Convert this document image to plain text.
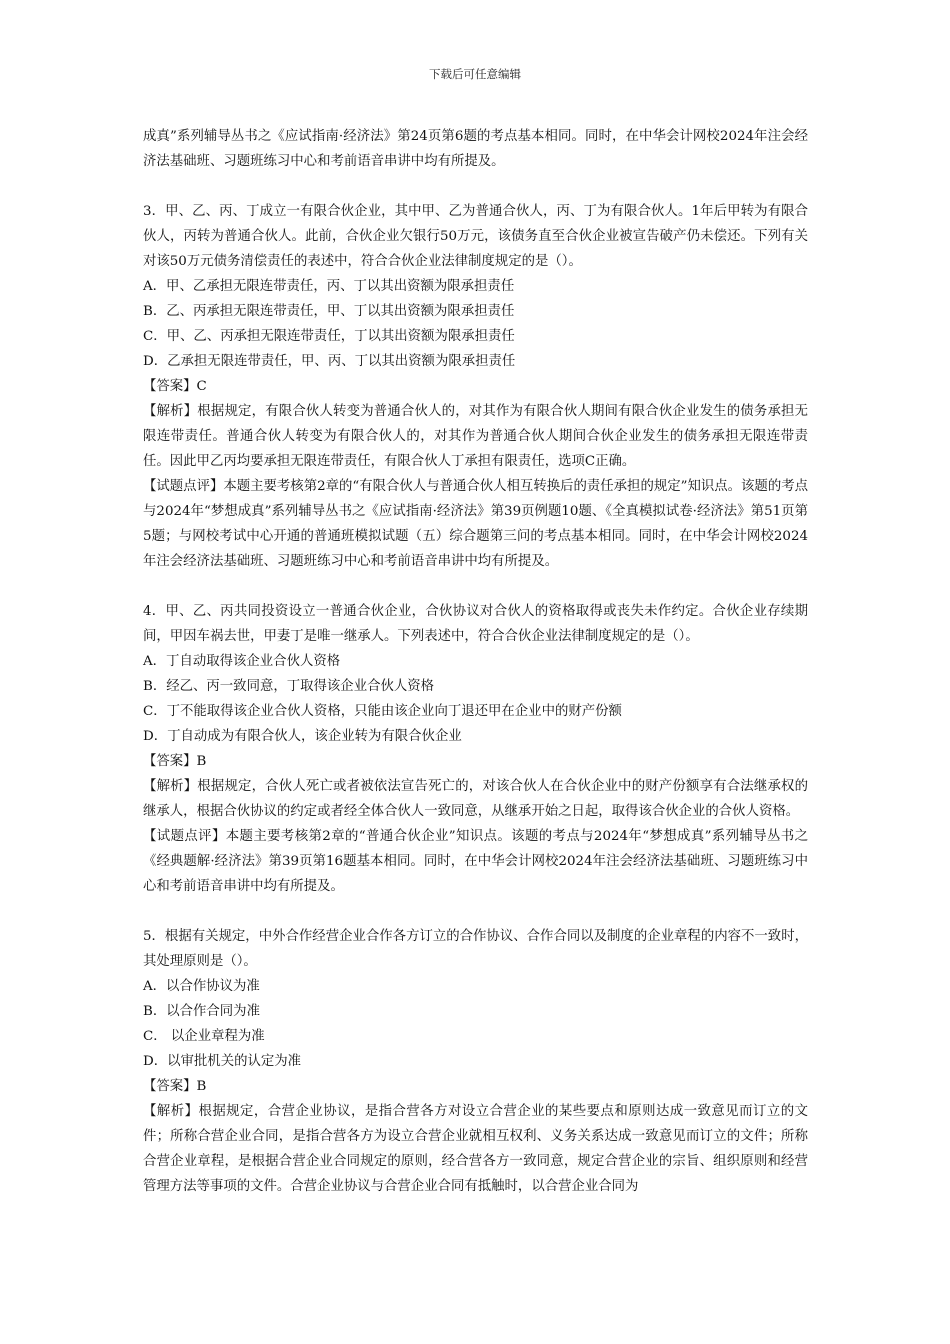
下载后可任意编辑

成真”系列辅导丛书之《应试指南·经济法》第24页第6题的考点基本相同。同时，在中华会计网校2024年注会经济法基础班、习题班练习中心和考前语音串讲中均有所提及。

3．甲、乙、丙、丁成立一有限合伙企业，其中甲、乙为普通合伙人，丙、丁为有限合伙人。1年后甲转为有限合伙人，丙转为普通合伙人。此前，合伙企业欠银行50万元，该债务直至合伙企业被宣告破产仍未偿还。下列有关对该50万元债务清偿责任的表述中，符合合伙企业法律制度规定的是（）。

A．甲、乙承担无限连带责任，丙、丁以其出资额为限承担责任

B．乙、丙承担无限连带责任，甲、丁以其出资额为限承担责任

C．甲、乙、丙承担无限连带责任，丁以其出资额为限承担责任

D．乙承担无限连带责任，甲、丙、丁以其出资额为限承担责任

【答案】C

【解析】根据规定，有限合伙人转变为普通合伙人的，对其作为有限合伙人期间有限合伙企业发生的债务承担无限连带责任。普通合伙人转变为有限合伙人的，对其作为普通合伙人期间合伙企业发生的债务承担无限连带责任。因此甲乙丙均要承担无限连带责任，有限合伙人丁承担有限责任，选项C正确。

【试题点评】本题主要考核第2章的“有限合伙人与普通合伙人相互转换后的责任承担的规定”知识点。该题的考点与2024年“梦想成真”系列辅导丛书之《应试指南·经济法》第39页例题10题、《全真模拟试卷·经济法》第51页第5题；与网校考试中心开通的普通班模拟试题（五）综合题第三问的考点基本相同。同时，在中华会计网校2024年注会经济法基础班、习题班练习中心和考前语音串讲中均有所提及。

4．甲、乙、丙共同投资设立一普通合伙企业，合伙协议对合伙人的资格取得或丧失未作约定。合伙企业存续期间，甲因车祸去世，甲妻丁是唯一继承人。下列表述中，符合合伙企业法律制度规定的是（）。

A．丁自动取得该企业合伙人资格

B．经乙、丙一致同意，丁取得该企业合伙人资格

C．丁不能取得该企业合伙人资格，只能由该企业向丁退还甲在企业中的财产份额

D．丁自动成为有限合伙人，该企业转为有限合伙企业

【答案】B

【解析】根据规定，合伙人死亡或者被依法宣告死亡的，对该合伙人在合伙企业中的财产份额享有合法继承权的继承人，根据合伙协议的约定或者经全体合伙人一致同意，从继承开始之日起，取得该合伙企业的合伙人资格。

【试题点评】本题主要考核第2章的“普通合伙企业”知识点。该题的考点与2024年“梦想成真”系列辅导丛书之《经典题解·经济法》第39页第16题基本相同。同时，在中华会计网校2024年注会经济法基础班、习题班练习中心和考前语音串讲中均有所提及。

5．根据有关规定，中外合作经营企业合作各方订立的合作协议、合作合同以及制度的企业章程的内容不一致时，其处理原则是（）。

A．以合作协议为准

B．以合作合同为准

C． 以企业章程为准

D．以审批机关的认定为准

【答案】B

【解析】根据规定，合营企业协议，是指合营各方对设立合营企业的某些要点和原则达成一致意见而订立的文件；所称合营企业合同，是指合营各方为设立合营企业就相互权利、义务关系达成一致意见而订立的文件；所称合营企业章程，是根据合营企业合同规定的原则，经合营各方一致同意，规定合营企业的宗旨、组织原则和经营管理方法等事项的文件。合营企业协议与合营企业合同有抵触时，以合营企业合同为
